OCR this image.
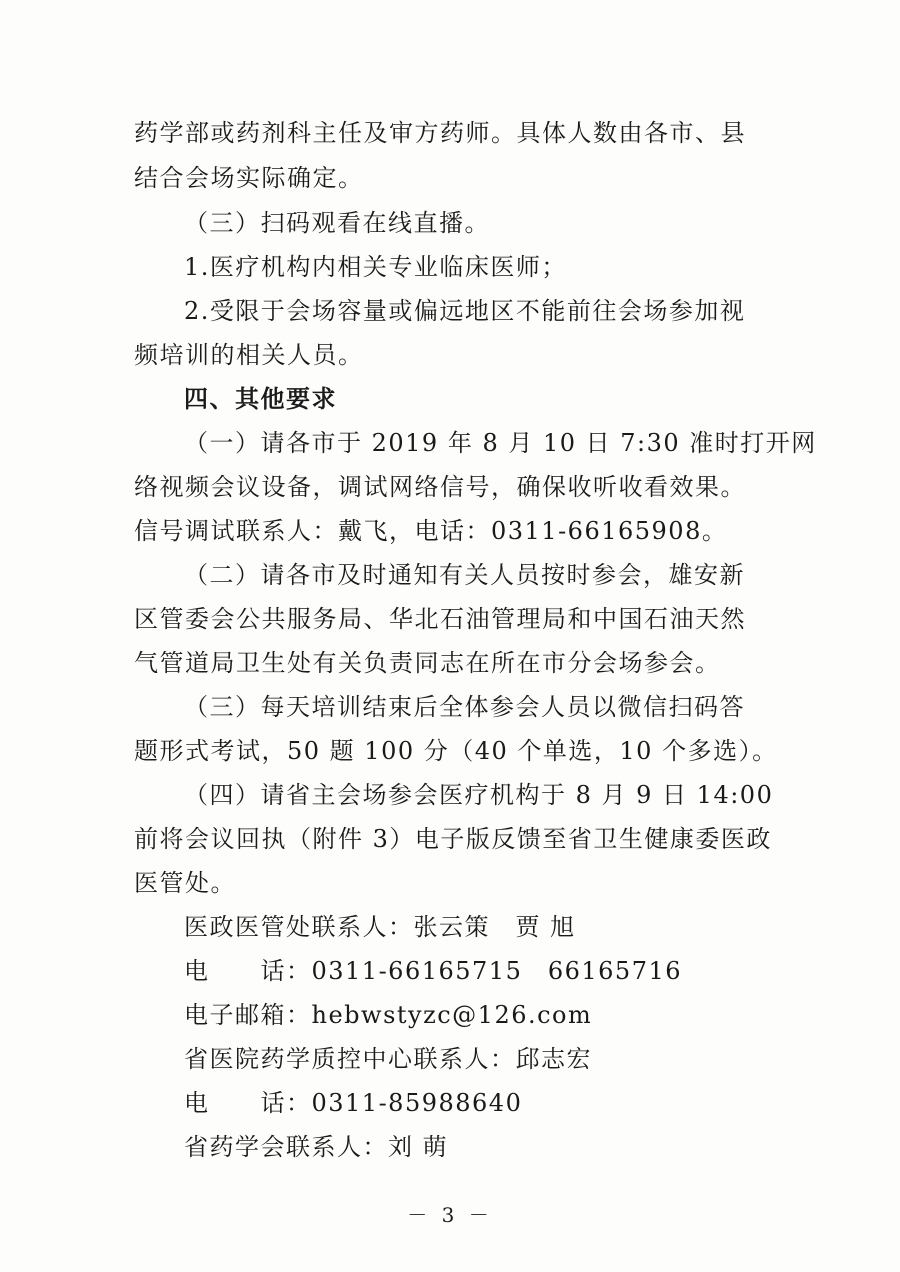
药学部或药剂科主任及审方药师。具体人数由各市、县
结合会场实际确定。
（三）扫码观看在线直播。
1.医疗机构内相关专业临床医师；
2.受限于会场容量或偏远地区不能前往会场参加视
频培训的相关人员。
四、其他要求
（一）请各市于 2019 年 8 月 10 日 7:30 准时打开网
络视频会议设备，调试网络信号，确保收听收看效果。
信号调试联系人：戴飞，电话：0311-66165908。
（二）请各市及时通知有关人员按时参会，雄安新
区管委会公共服务局、华北石油管理局和中国石油天然
气管道局卫生处有关负责同志在所在市分会场参会。
（三）每天培训结束后全体参会人员以微信扫码答
题形式考试，50 题 100 分（40 个单选，10 个多选）。
（四）请省主会场参会医疗机构于 8 月 9 日 14:00
前将会议回执（附件 3）电子版反馈至省卫生健康委医政
医管处。
医政医管处联系人：张云策　贾 旭
电　　话：0311-66165715　66165716
电子邮箱：hebwstyzc@126.com
省医院药学质控中心联系人：邱志宏
电　　话：0311-85988640
省药学会联系人：刘 萌
－ 3 －
